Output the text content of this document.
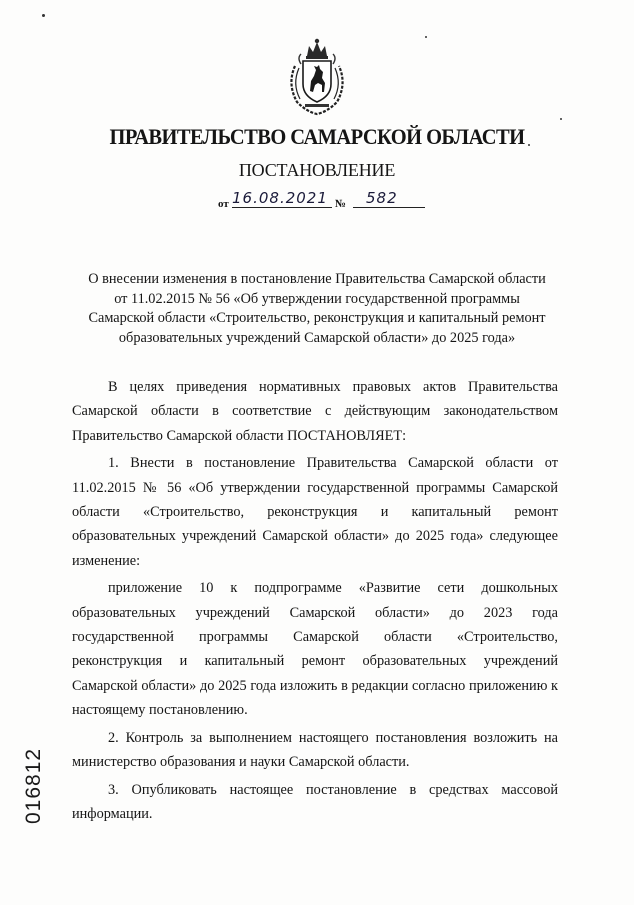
ПРАВИТЕЛЬСТВО САМАРСКОЙ ОБЛАСТИ
ПОСТАНОВЛЕНИЕ
от 16.08.2021 № 582
О внесении изменения в постановление Правительства Самарской области
от 11.02.2015 № 56 «Об утверждении государственной программы
Самарской области «Строительство, реконструкция и капитальный ремонт
образовательных учреждений Самарской области» до 2025 года»

В целях приведения нормативных правовых актов Правительства Самарской области в соответствие с действующим законодательством Правительство Самарской области ПОСТАНОВЛЯЕТ:

1. Внести в постановление Правительства Самарской области от 11.02.2015 № 56 «Об утверждении государственной программы Самарской области «Строительство, реконструкция и капитальный ремонт образовательных учреждений Самарской области» до 2025 года» следующее изменение:

приложение 10 к подпрограмме «Развитие сети дошкольных образовательных учреждений Самарской области» до 2023 года государственной программы Самарской области «Строительство, реконструкция и капитальный ремонт образовательных учреждений Самарской области» до 2025 года изложить в редакции согласно приложению к настоящему постановлению.

2. Контроль за выполнением настоящего постановления возложить на министерство образования и науки Самарской области.

3. Опубликовать настоящее постановление в средствах массовой информации.

016812
